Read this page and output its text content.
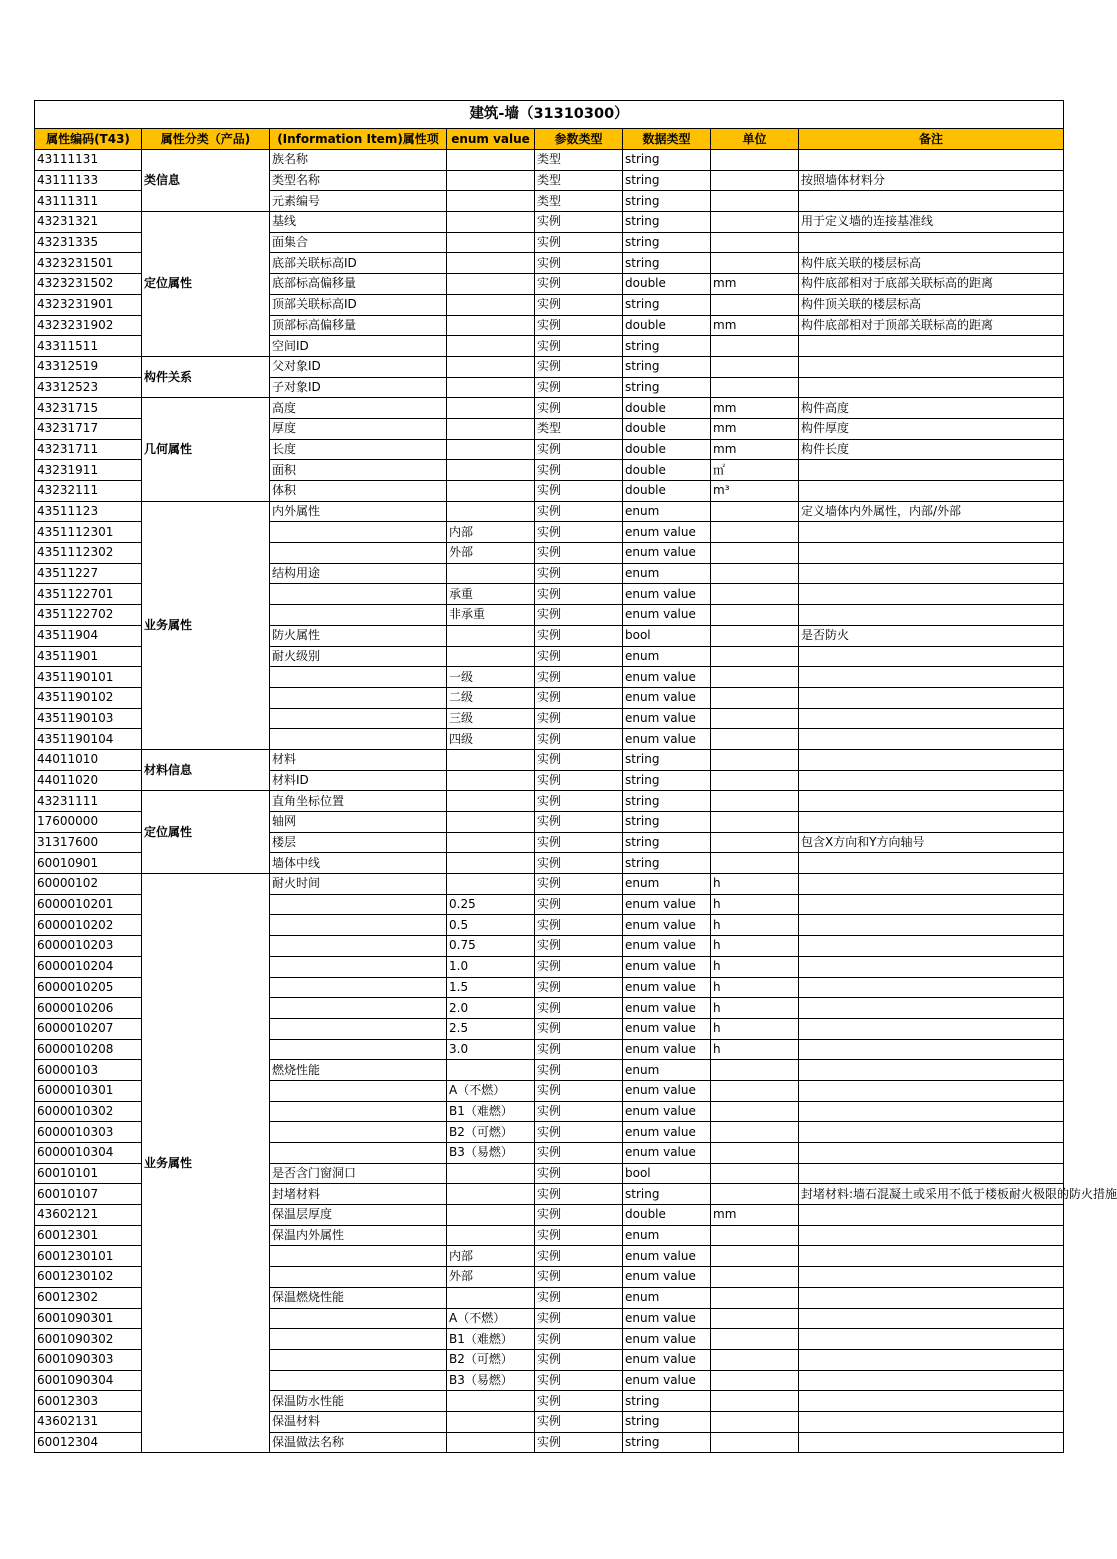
建筑-墙（31310300）							
属性编码(T43)	属性分类（产品)	(Information Item)属性项	enum value	参数类型	数据类型	单位	备注
43111131	类信息	族名称		类型	string		
43111133		类型名称		类型	string		按照墙体材料分
43111311		元素编号		类型	string		
43231321	定位属性	基线		实例	string		用于定义墙的连接基准线
43231335		面集合		实例	string		
4323231501		底部关联标高ID		实例	string		构件底关联的楼层标高
4323231502		底部标高偏移量		实例	double	mm	构件底部相对于底部关联标高的距离
4323231901		顶部关联标高ID		实例	string		构件顶关联的楼层标高
4323231902		顶部标高偏移量		实例	double	mm	构件底部相对于顶部关联标高的距离
43311511		空间ID		实例	string		
43312519	构件关系	父对象ID		实例	string		
43312523		子对象ID		实例	string		
43231715	几何属性	高度		实例	double	mm	构件高度
43231717		厚度		类型	double	mm	构件厚度
43231711		长度		实例	double	mm	构件长度
43231911		面积		实例	double	㎡	
43232111		体积		实例	double	m³	
43511123	业务属性	内外属性		实例	enum		定义墙体内外属性，内部/外部
4351112301			内部	实例	enum value		
4351112302			外部	实例	enum value		
43511227		结构用途		实例	enum		
4351122701			承重	实例	enum value		
4351122702			非承重	实例	enum value		
43511904		防火属性		实例	bool		是否防火
43511901		耐火级别		实例	enum		
4351190101			一级	实例	enum value		
4351190102			二级	实例	enum value		
4351190103			三级	实例	enum value		
4351190104			四级	实例	enum value		
44011010	材料信息	材料		实例	string		
44011020		材料ID		实例	string		
43231111	定位属性	直角坐标位置		实例	string		
17600000		轴网		实例	string		
31317600		楼层		实例	string		包含X方向和Y方向轴号
60010901		墙体中线		实例	string		
60000102	业务属性	耐火时间		实例	enum	h	
6000010201			0.25	实例	enum value	h	
6000010202			0.5	实例	enum value	h	
6000010203			0.75	实例	enum value	h	
6000010204			1.0	实例	enum value	h	
6000010205			1.5	实例	enum value	h	
6000010206			2.0	实例	enum value	h	
6000010207			2.5	实例	enum value	h	
6000010208			3.0	实例	enum value	h	
60000103		燃烧性能		实例	enum		
6000010301			A（不燃）	实例	enum value		
6000010302			B1（难燃）	实例	enum value		
6000010303			B2（可燃）	实例	enum value		
6000010304			B3（易燃）	实例	enum value		
60010101		是否含门窗洞口		实例	bool		
60010107		封堵材料		实例	string		封堵材料:墙石混凝土或采用不低于楼板耐火极限的防火措施
43602121		保温层厚度		实例	double	mm	
60012301		保温内外属性		实例	enum		
6001230101			内部	实例	enum value		
6001230102			外部	实例	enum value		
60012302		保温燃烧性能		实例	enum		
6001090301			A（不燃）	实例	enum value		
6001090302			B1（难燃）	实例	enum value		
6001090303			B2（可燃）	实例	enum value		
6001090304			B3（易燃）	实例	enum value		
60012303		保温防水性能		实例	string		
43602131		保温材料		实例	string		
60012304		保温做法名称		实例	string		
